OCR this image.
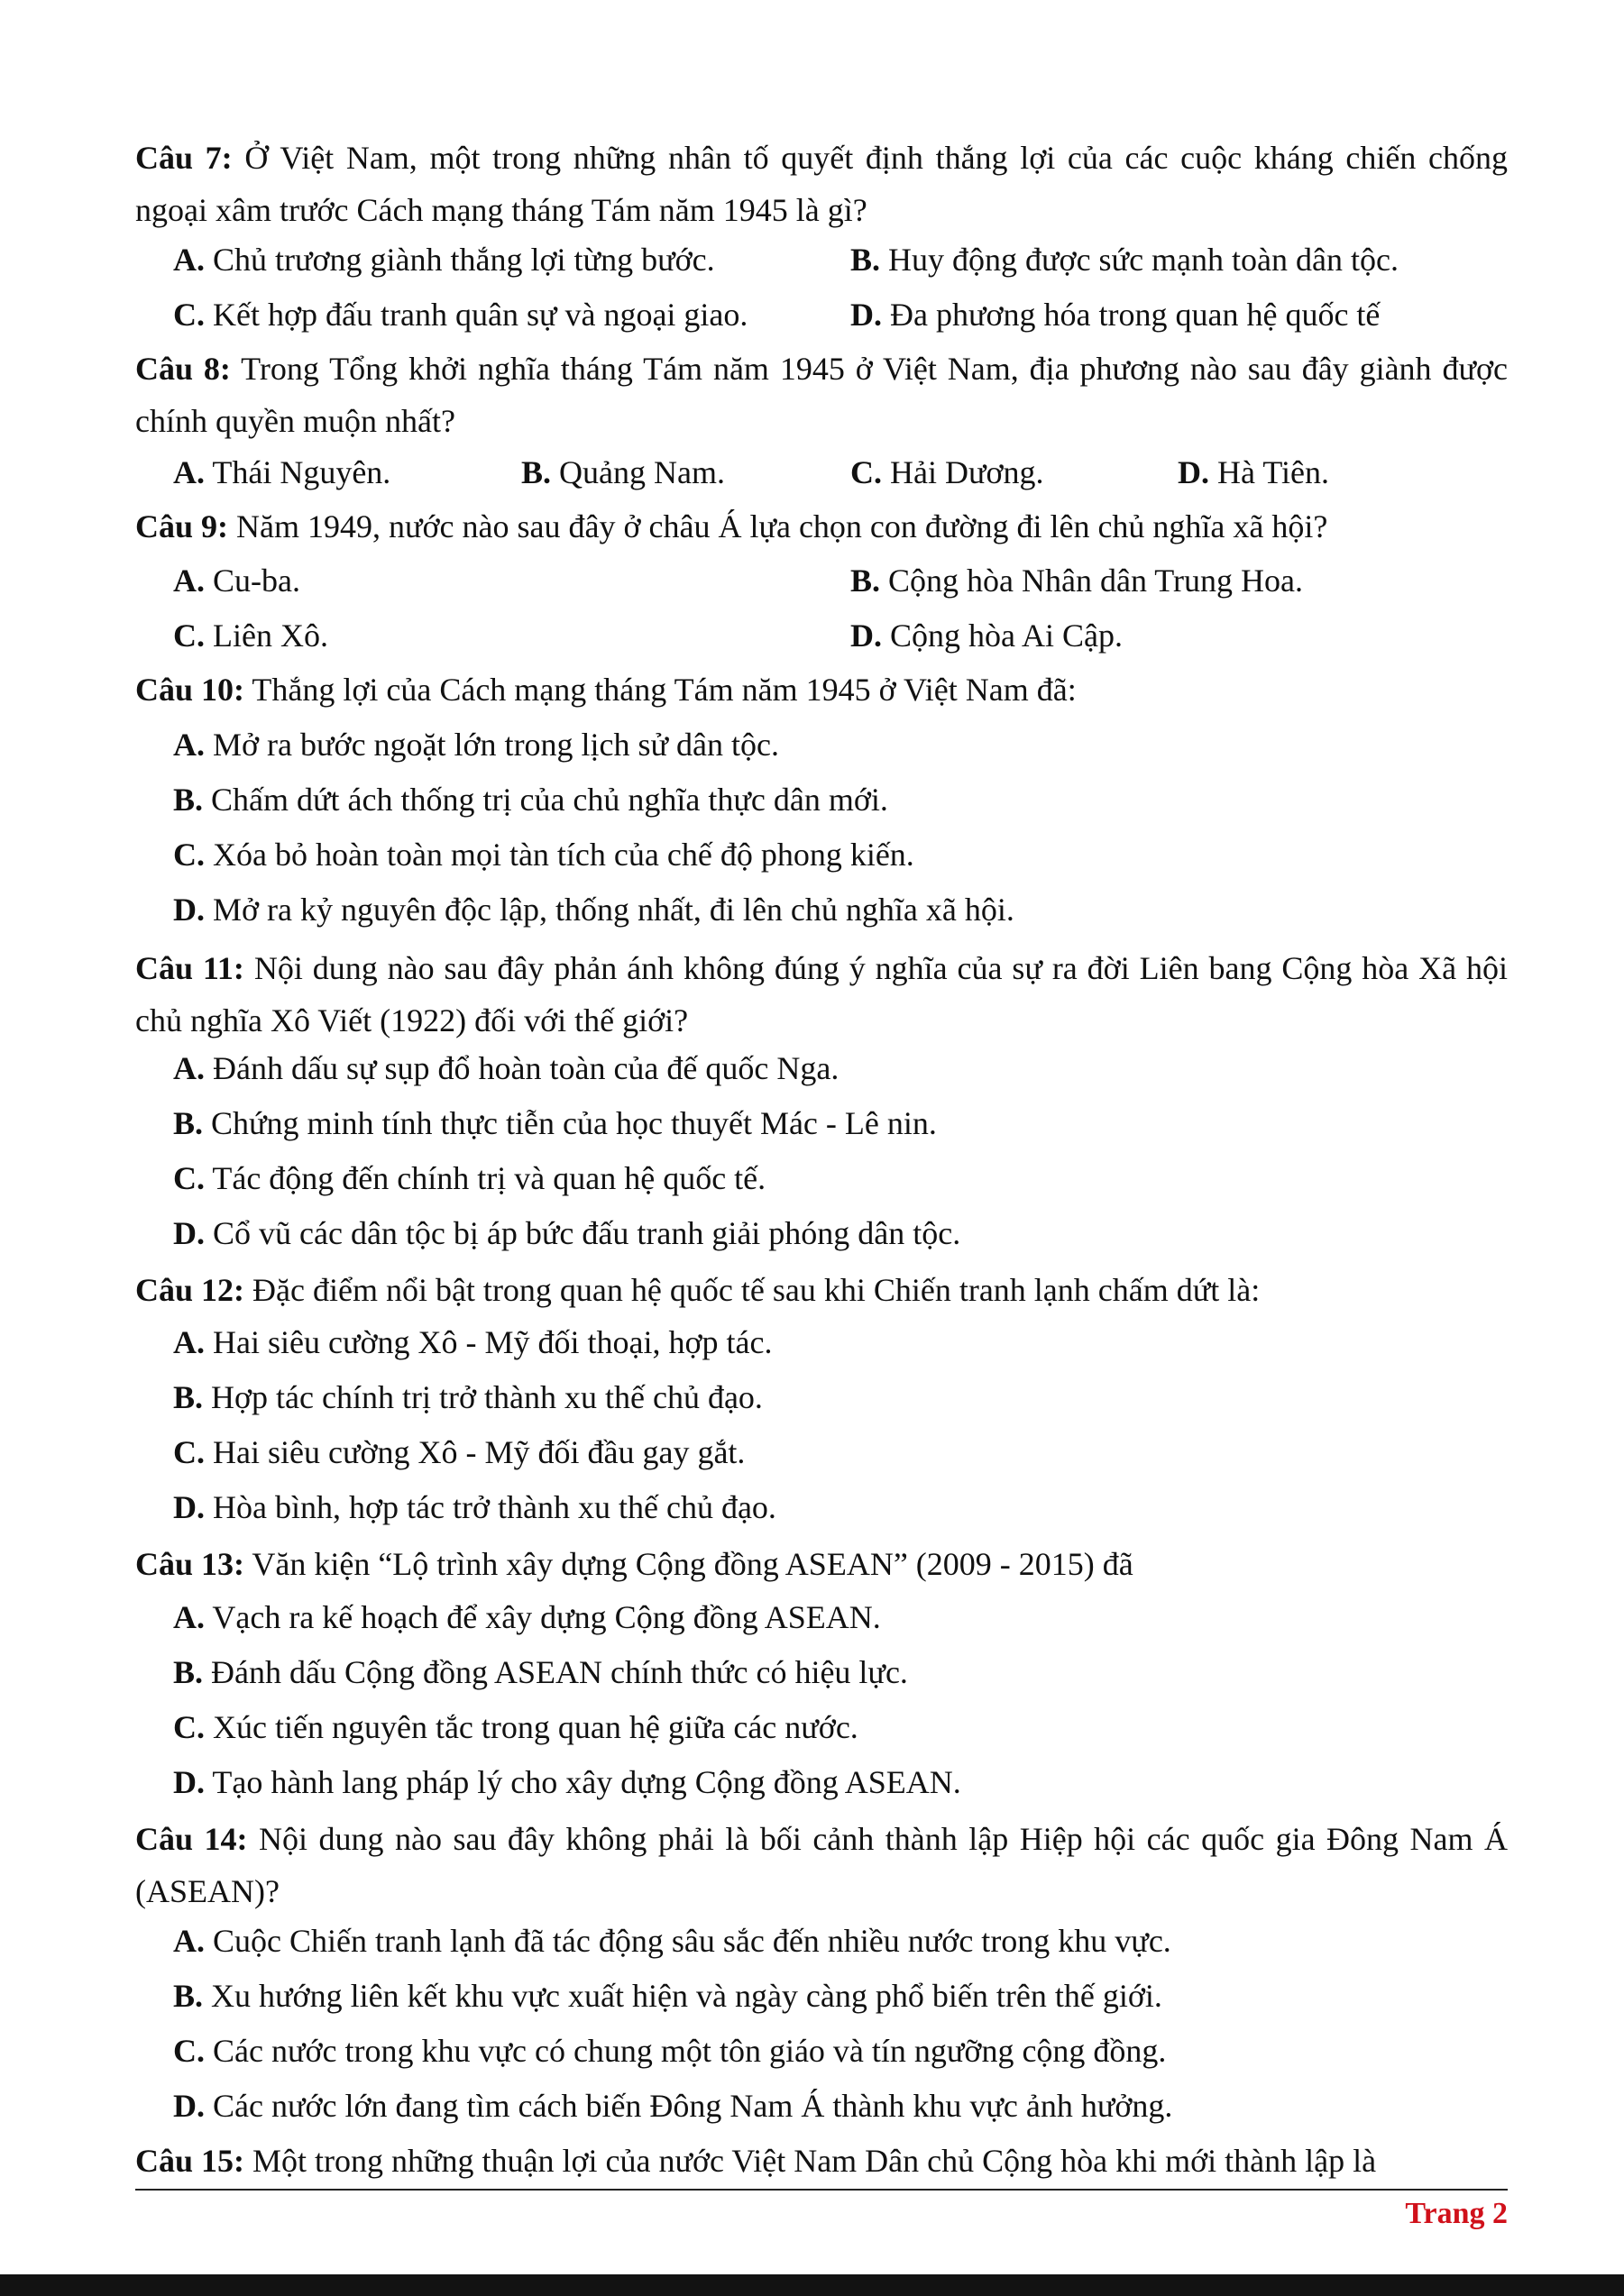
Câu 7: Ở Việt Nam, một trong những nhân tố quyết định thắng lợi của các cuộc kháng chiến chống ngoại xâm trước Cách mạng tháng Tám năm 1945 là gì?
A. Chủ trương giành thắng lợi từng bước.	B. Huy động được sức mạnh toàn dân tộc.
C. Kết hợp đấu tranh quân sự và ngoại giao.	D. Đa phương hóa trong quan hệ quốc tế
Câu 8: Trong Tổng khởi nghĩa tháng Tám năm 1945 ở Việt Nam, địa phương nào sau đây giành được chính quyền muộn nhất?
A. Thái Nguyên.	B. Quảng Nam.	C. Hải Dương.	D. Hà Tiên.
Câu 9: Năm 1949, nước nào sau đây ở châu Á lựa chọn con đường đi lên chủ nghĩa xã hội?
A. Cu-ba.	B. Cộng hòa Nhân dân Trung Hoa.
C. Liên Xô.	D. Cộng hòa Ai Cập.
Câu 10: Thắng lợi của Cách mạng tháng Tám năm 1945 ở Việt Nam đã:
A. Mở ra bước ngoặt lớn trong lịch sử dân tộc.
B. Chấm dứt ách thống trị của chủ nghĩa thực dân mới.
C. Xóa bỏ hoàn toàn mọi tàn tích của chế độ phong kiến.
D. Mở ra kỷ nguyên độc lập, thống nhất, đi lên chủ nghĩa xã hội.
Câu 11: Nội dung nào sau đây phản ánh không đúng ý nghĩa của sự ra đời Liên bang Cộng hòa Xã hội chủ nghĩa Xô Viết (1922) đối với thế giới?
A. Đánh dấu sự sụp đổ hoàn toàn của đế quốc Nga.
B. Chứng minh tính thực tiễn của học thuyết Mác - Lê nin.
C. Tác động đến chính trị và quan hệ quốc tế.
D. Cổ vũ các dân tộc bị áp bức đấu tranh giải phóng dân tộc.
Câu 12: Đặc điểm nổi bật trong quan hệ quốc tế sau khi Chiến tranh lạnh chấm dứt là:
A. Hai siêu cường Xô - Mỹ đối thoại, hợp tác.
B. Hợp tác chính trị trở thành xu thế chủ đạo.
C. Hai siêu cường Xô - Mỹ đối đầu gay gắt.
D. Hòa bình, hợp tác trở thành xu thế chủ đạo.
Câu 13: Văn kiện “Lộ trình xây dựng Cộng đồng ASEAN” (2009 - 2015) đã
A. Vạch ra kế hoạch để xây dựng Cộng đồng ASEAN.
B. Đánh dấu Cộng đồng ASEAN chính thức có hiệu lực.
C. Xúc tiến nguyên tắc trong quan hệ giữa các nước.
D. Tạo hành lang pháp lý cho xây dựng Cộng đồng ASEAN.
Câu 14: Nội dung nào sau đây không phải là bối cảnh thành lập Hiệp hội các quốc gia Đông Nam Á (ASEAN)?
A. Cuộc Chiến tranh lạnh đã tác động sâu sắc đến nhiều nước trong khu vực.
B. Xu hướng liên kết khu vực xuất hiện và ngày càng phổ biến trên thế giới.
C. Các nước trong khu vực có chung một tôn giáo và tín ngưỡng cộng đồng.
D. Các nước lớn đang tìm cách biến Đông Nam Á thành khu vực ảnh hưởng.
Câu 15: Một trong những thuận lợi của nước Việt Nam Dân chủ Cộng hòa khi mới thành lập là
Trang 2
